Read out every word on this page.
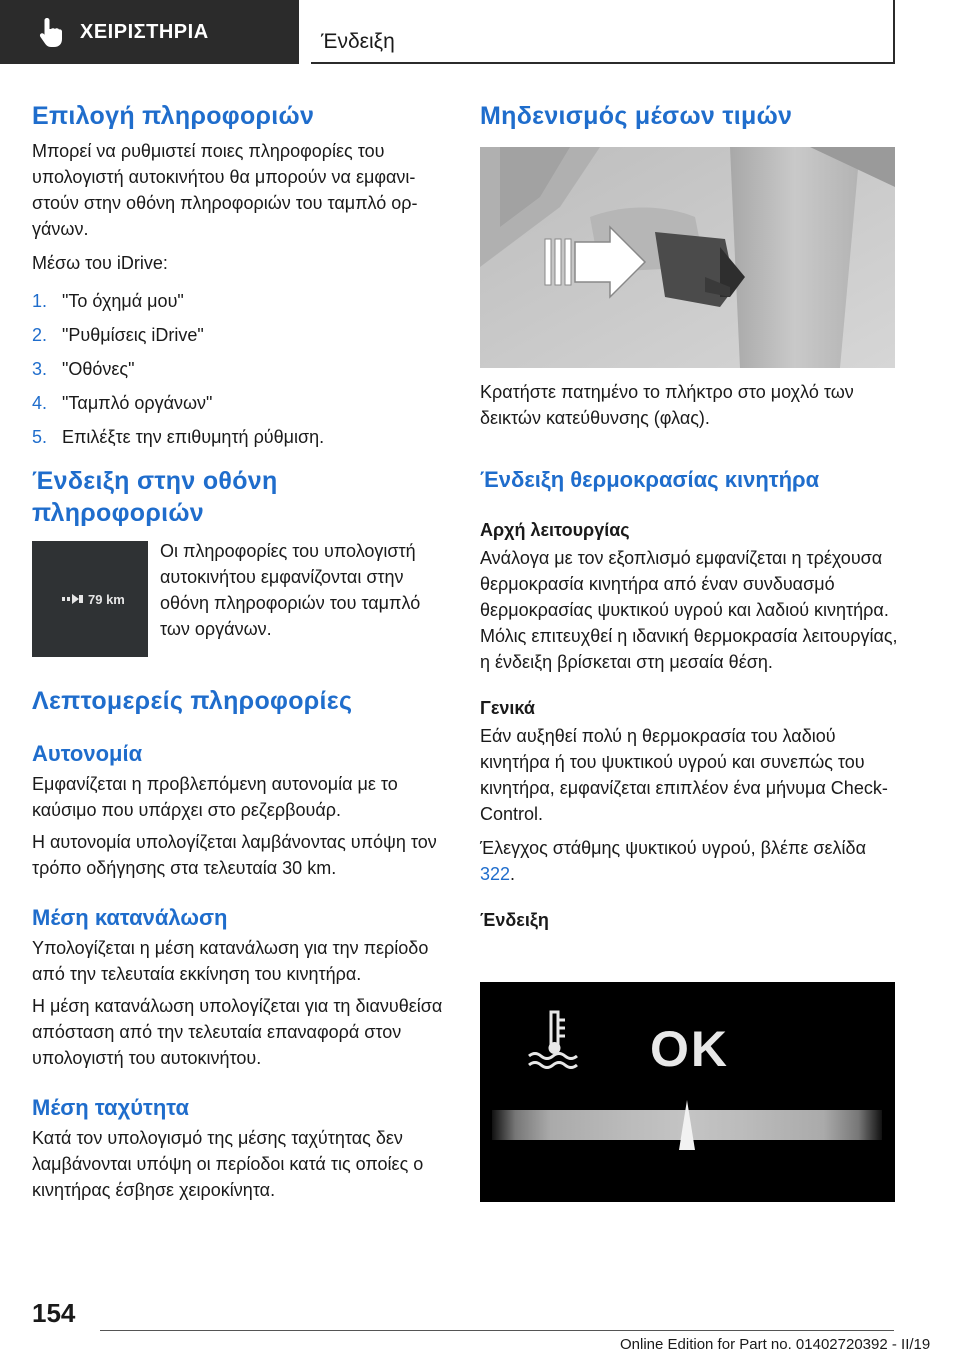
ΧΕΙΡΙΣΤΗΡΙΑ	Ένδειξη
Επιλογή πληροφοριών

Μπορεί να ρυθμιστεί ποιες πληροφορίες του υπολογιστή αυτοκινήτου θα μπορούν να εμφανιστούν στην οθόνη πληροφοριών του ταμπλό οργάνων.

Μέσω του iDrive:

1. "Το όχημά μου"
2. "Ρυθμίσεις iDrive"
3. "Οθόνες"
4. "Ταμπλό οργάνων"
5. Επιλέξτε την επιθυμητή ρύθμιση.
Ένδειξη στην οθόνη
πληροφοριών
79 km

Οι πληροφορίες του υπολογιστή αυτοκινήτου εμφανίζονται στην οθόνη πληροφοριών του ταμπλό των οργάνων.

Λεπτομερείς πληροφορίες
Αυτονομία

Εμφανίζεται η προβλεπόμενη αυτονομία με το καύσιμο που υπάρχει στο ρεζερβουάρ.

Η αυτονομία υπολογίζεται λαμβάνοντας υπόψη τον τρόπο οδήγησης στα τελευταία 30 km.

Μέση κατανάλωση

Υπολογίζεται η μέση κατανάλωση για την περίοδο από την τελευταία εκκίνηση του κινητήρα.

Η μέση κατανάλωση υπολογίζεται για τη διανυθείσα απόσταση από την τελευταία επαναφορά στον υπολογιστή του αυτοκινήτου.

Μέση ταχύτητα

Κατά τον υπολογισμό της μέσης ταχύτητας δεν λαμβάνονται υπόψη οι περίοδοι κατά τις οποίες ο κινητήρας έσβησε χειροκίνητα.

Μηδενισμός μέσων τιμών

Κρατήστε πατημένο το πλήκτρο στο μοχλό των δεικτών κατεύθυνσης (φλας).

Ένδειξη θερμοκρασίας κινητήρα
Αρχή λειτουργίας

Ανάλογα με τον εξοπλισμό εμφανίζεται η τρέχουσα θερμοκρασία κινητήρα από έναν συνδυασμό θερμοκρασίας ψυκτικού υγρού και λαδιού κινητήρα. Μόλις επιτευχθεί η ιδανική θερμοκρασία λειτουργίας, η ένδειξη βρίσκεται στη μεσαία θέση.

Γενικά

Εάν αυξηθεί πολύ η θερμοκρασία του λαδιού κινητήρα ή του ψυκτικού υγρού και συνεπώς του κινητήρα, εμφανίζεται επιπλέον ένα μήνυμα Check-Control.

Έλεγχος στάθμης ψυκτικού υγρού, βλέπε σελίδα 322.

Ένδειξη
OK
154
Online Edition for Part no. 01402720392 - II/19
